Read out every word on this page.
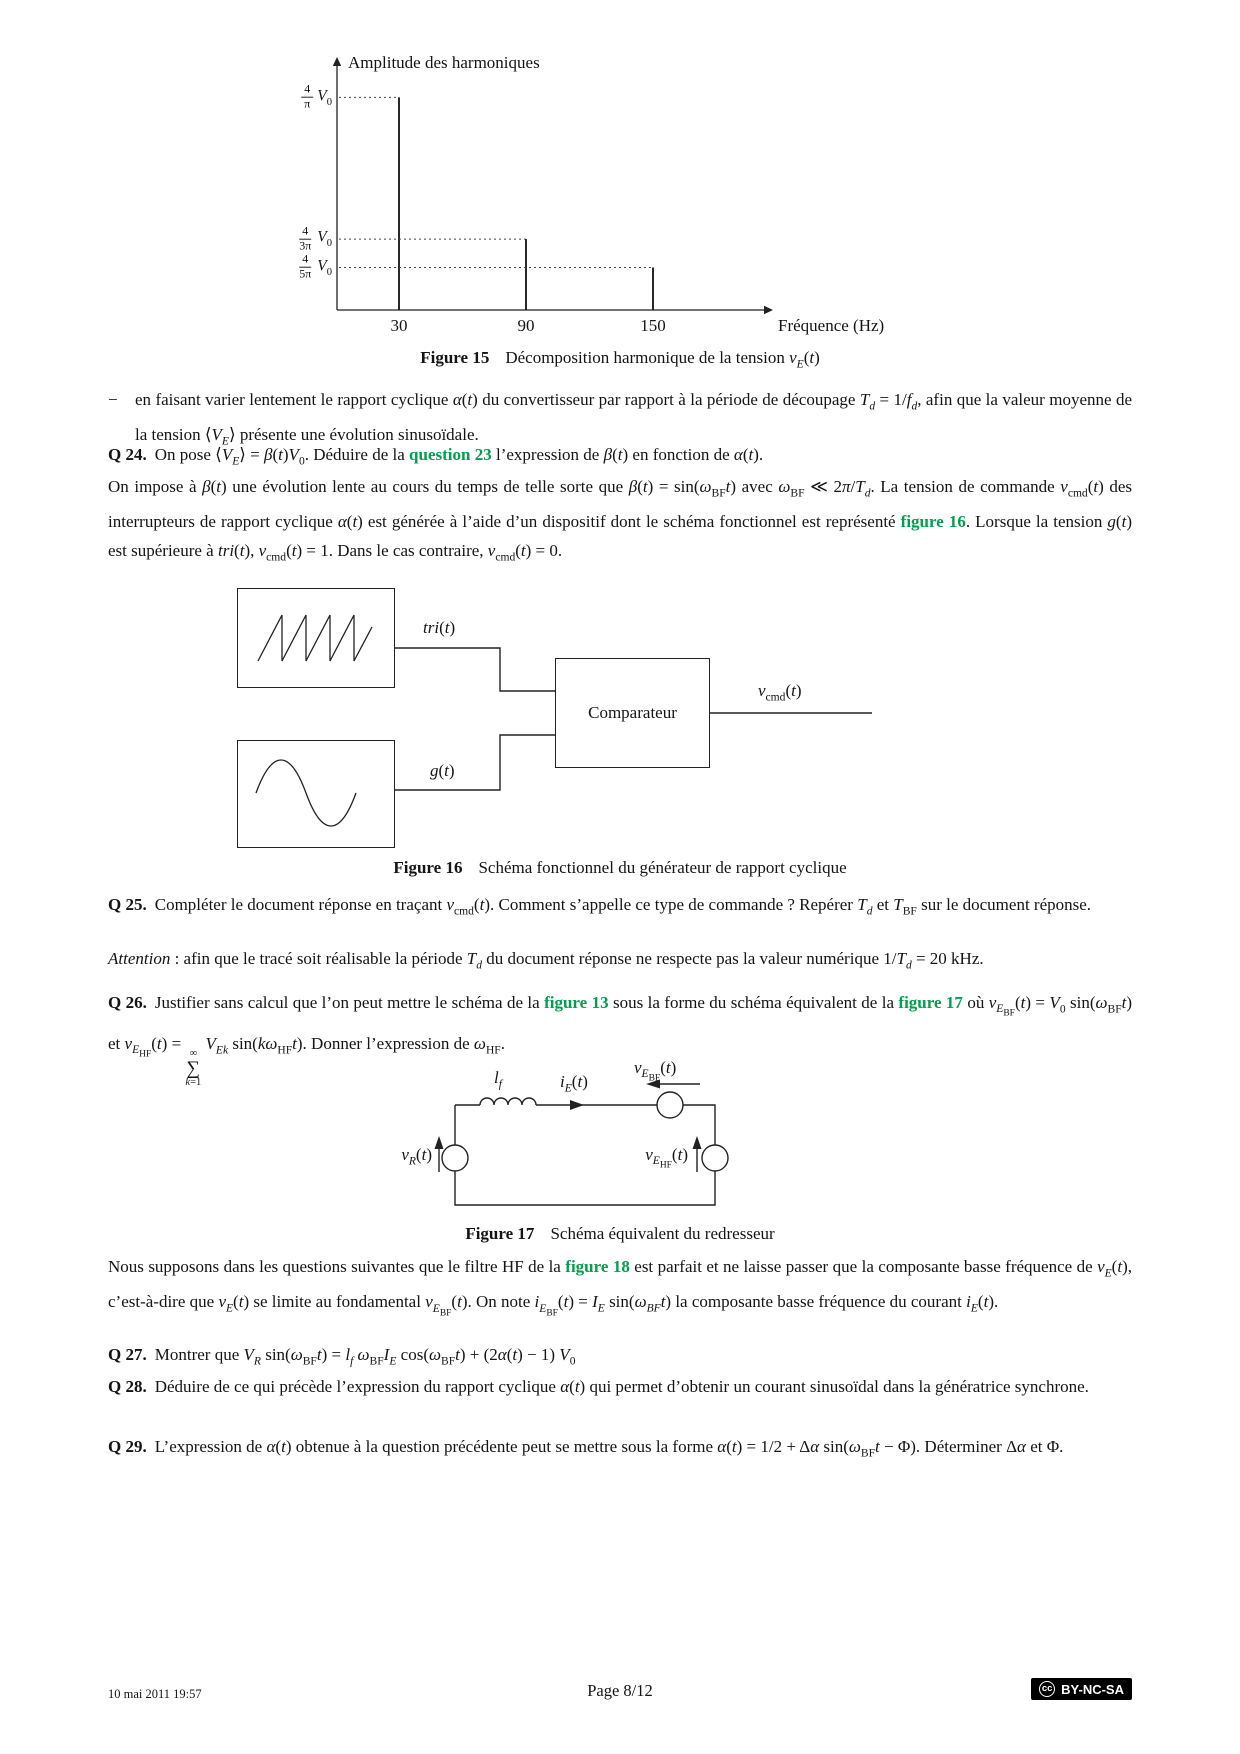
Amplitude des harmoniques
Fréquence (Hz)
30
$\frac{4}{\pi} V_0$
90
$\frac{4}{3\pi} V_0$
150
$\frac{4}{5\pi} V_0$
Figure 15 Décomposition harmonique de la tension $v_E(t)$
− en faisant varier lentement le rapport cyclique α(t) du convertisseur par rapport à la période de découpage $T_d = 1/f_d$, afin que la valeur moyenne de la tension $⟨V_E⟩$ présente une évolution sinusoïdale.
Q 24. On pose $⟨V_E⟩ = \beta(t)V_0$. Déduire de la question 23 l’expression de β(t) en fonction de α(t).
On impose à β(t) une évolution lente au cours du temps de telle sorte que $\beta(t) = \sin(\omega_{BF}t)$ avec $\omega_{BF}$ ≪ $2\pi/T_d$. La tension de commande $v_{cmd}(t)$ des interrupteurs de rapport cyclique α(t) est générée à l’aide d’un dispositif dont le schéma fonctionnel est représenté figure 16. Lorsque la tension g(t) est supérieure à tri(t), $v_{cmd}(t) = 1$. Dans le cas contraire, $v_{cmd}(t) = 0$.
Comparateur
tri(t)
g(t)
$v_{cmd}(t)$
Figure 16 Schéma fonctionnel du générateur de rapport cyclique
Q 25. Compléter le document réponse en traçant $v_{cmd}(t)$. Comment s’appelle ce type de commande ? Repérer $T_d$ et $T_{BF}$ sur le document réponse.
Attention : afin que le tracé soit réalisable la période $T_d$ du document réponse ne respecte pas la valeur numérique $1/T_d = 20$ kHz.
Q 26. Justifier sans calcul que l’on peut mettre le schéma de la figure 13 sous la forme du schéma équivalent de la figure 17 où $v_{E_{BF}}(t) = V_0$ $\sin(\omega_{BF}t)$ et $v_{E_{HF}}(t)$ =
∞
∑
k=1
$V_{Ek}$ $\sin(k\omega_{HF}t)$. Donner l’expression de $\omega_{HF}$.
$l_f$	$i_E(t)$
$v_{E_{BF}}(t)$
$v_R(t)$	$v_{E_{HF}}(t)$
Figure 17 Schéma équivalent du redresseur
Nous supposons dans les questions suivantes que le filtre HF de la figure 18 est parfait et ne laisse passer que la composante basse fréquence de $v_E(t)$, c’est-à-dire que $v_E(t)$ se limite au fondamental $v_{E_{BF}}(t)$. On note $i_{E_{BF}}(t) = I_E$ $\sin(\omega_{BF}t)$ la composante basse fréquence du courant $i_E(t)$.
Q 27. Montrer que $V_R$ $\sin(\omega_{BF}t) = l_f$ $\omega_{BF}I_E$ $\cos(\omega_{BF}t) + (2\alpha(t) - 1)$ $V_0$
Q 28. Déduire de ce qui précède l’expression du rapport cyclique α(t) qui permet d’obtenir un courant sinusoïdal dans la génératrice synchrone.
Q 29. L’expression de α(t) obtenue à la question précédente peut se mettre sous la forme α(t) = 1/2 + Δα $\sin(\omega_{BF}t - \Phi)$. Déterminer Δα et Φ.
10 mai 2011 19:57	Page 8/12	cc BY-NC-SA
